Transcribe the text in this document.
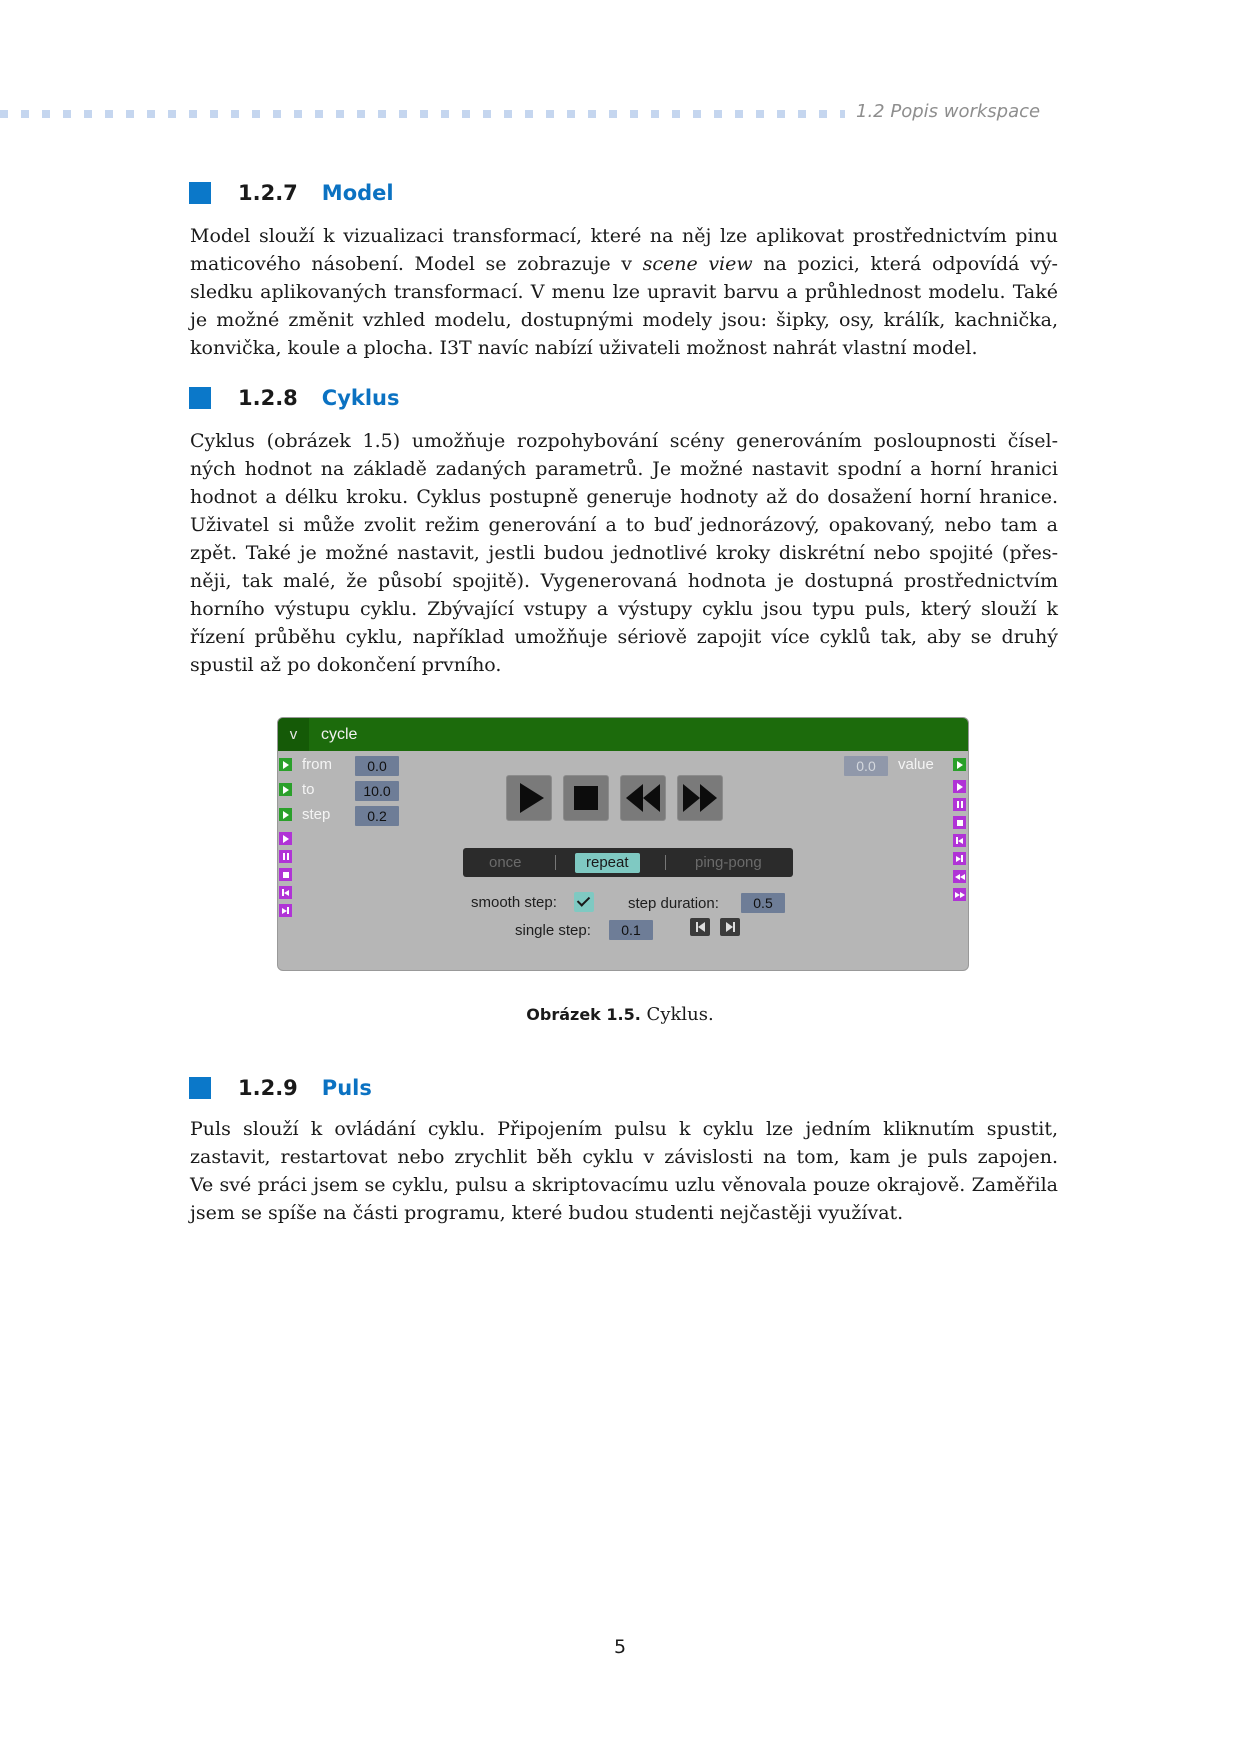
1.2 Popis workspace
1.2.7 Model

Model slouží k vizualizaci transformací, které na něj lze aplikovat prostřednictvím pinu
maticového násobení. Model se zobrazuje v scene view na pozici, která odpovídá vý-
sledku aplikovaných transformací. V menu lze upravit barvu a průhlednost modelu. Také
je možné změnit vzhled modelu, dostupnými modely jsou: šipky, osy, králík, kachnička,
konvička, koule a plocha. I3T navíc nabízí uživateli možnost nahrát vlastní model.

1.2.8 Cyklus

Cyklus (obrázek 1.5) umožňuje rozpohybování scény generováním posloupnosti čísel-
ných hodnot na základě zadaných parametrů. Je možné nastavit spodní a horní hranici
hodnot a délku kroku. Cyklus postupně generuje hodnoty až do dosažení horní hranice.
Uživatel si může zvolit režim generování a to buď jednorázový, opakovaný, nebo tam a
zpět. Také je možné nastavit, jestli budou jednotlivé kroky diskrétní nebo spojité (přes-
něji, tak malé, že působí spojitě). Vygenerovaná hodnota je dostupná prostřednictvím
horního výstupu cyklu. Zbývající vstupy a výstupy cyklu jsou typu puls, který slouží k
řízení průběhu cyklu, například umožňuje sériově zapojit více cyklů tak, aby se druhý
spustil až po dokončení prvního.

v	cycle
from	0.0
to	10.0
step	0.2
0.0	value
once	repeat	ping-pong
smooth step:	step duration:	0.5
single step:	0.1
Obrázek 1.5. Cyklus.
1.2.9 Puls

Puls slouží k ovládání cyklu. Připojením pulsu k cyklu lze jedním kliknutím spustit,
zastavit, restartovat nebo zrychlit běh cyklu v závislosti na tom, kam je puls zapojen.
Ve své práci jsem se cyklu, pulsu a skriptovacímu uzlu věnovala pouze okrajově. Zaměřila
jsem se spíše na části programu, které budou studenti nejčastěji využívat.

5
